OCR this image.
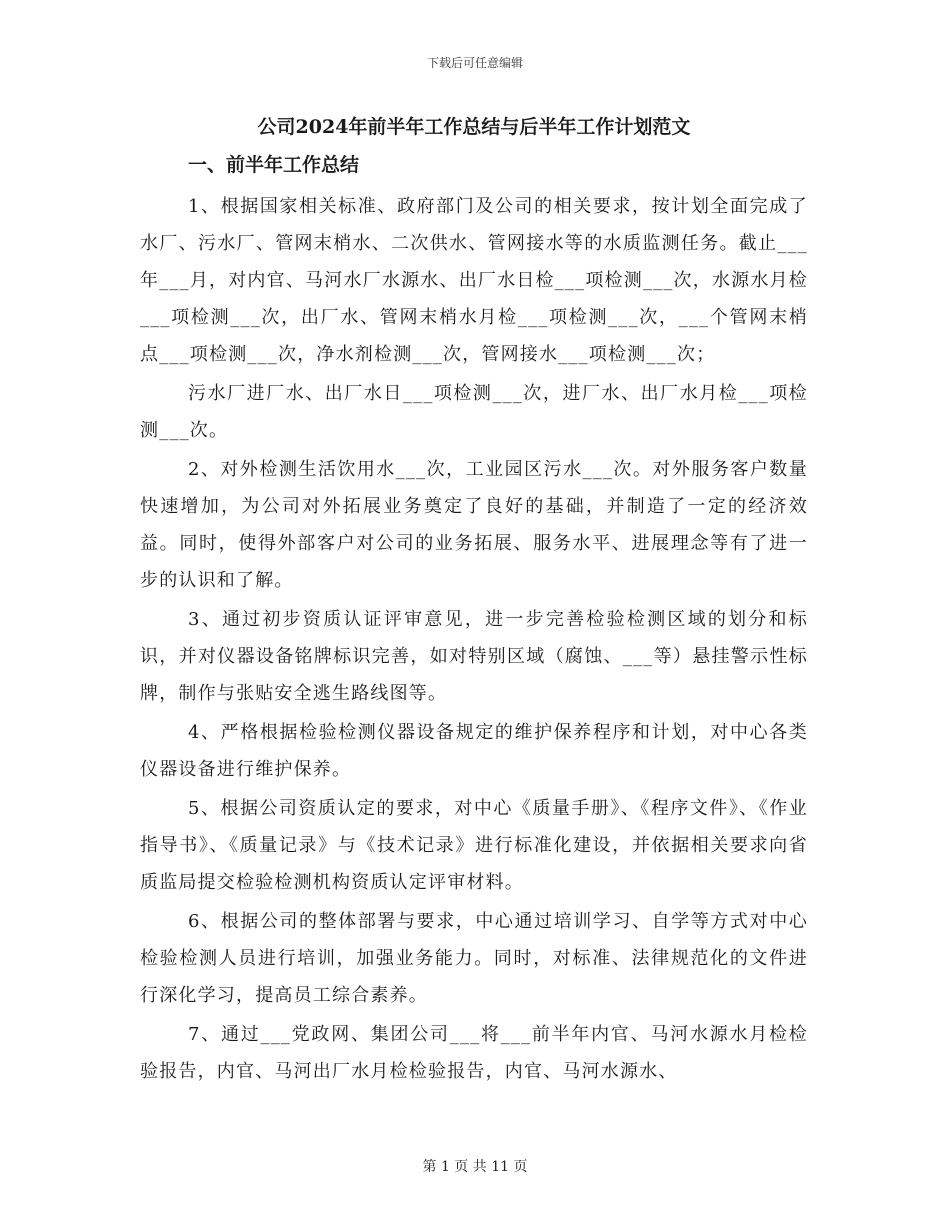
下载后可任意编辑
公司2024年前半年工作总结与后半年工作计划范文
一、前半年工作总结

1、根据国家相关标准、政府部门及公司的相关要求，按计划全面完成了水厂、污水厂、管网末梢水、二次供水、管网接水等的水质监测任务。截止___年___月，对内官、马河水厂水源水、出厂水日检___项检测___次，水源水月检___项检测___次，出厂水、管网末梢水月检___项检测___次，___个管网末梢点___项检测___次，净水剂检测___次，管网接水___项检测___次；

污水厂进厂水、出厂水日___项检测___次，进厂水、出厂水月检___项检测___次。

2、对外检测生活饮用水___次，工业园区污水___次。对外服务客户数量快速增加，为公司对外拓展业务奠定了良好的基础，并制造了一定的经济效益。同时，使得外部客户对公司的业务拓展、服务水平、进展理念等有了进一步的认识和了解。

3、通过初步资质认证评审意见，进一步完善检验检测区域的划分和标识，并对仪器设备铭牌标识完善，如对特别区域（腐蚀、___等）悬挂警示性标牌，制作与张贴安全逃生路线图等。

4、严格根据检验检测仪器设备规定的维护保养程序和计划，对中心各类仪器设备进行维护保养。

5、根据公司资质认定的要求，对中心《质量手册》、《程序文件》、《作业指导书》、《质量记录》与《技术记录》进行标准化建设，并依据相关要求向省质监局提交检验检测机构资质认定评审材料。

6、根据公司的整体部署与要求，中心通过培训学习、自学等方式对中心检验检测人员进行培训，加强业务能力。同时，对标准、法律规范化的文件进行深化学习，提高员工综合素养。

7、通过___党政网、集团公司___将___前半年内官、马河水源水月检检验报告，内官、马河出厂水月检检验报告，内官、马河水源水、

第 1 页 共 11 页
